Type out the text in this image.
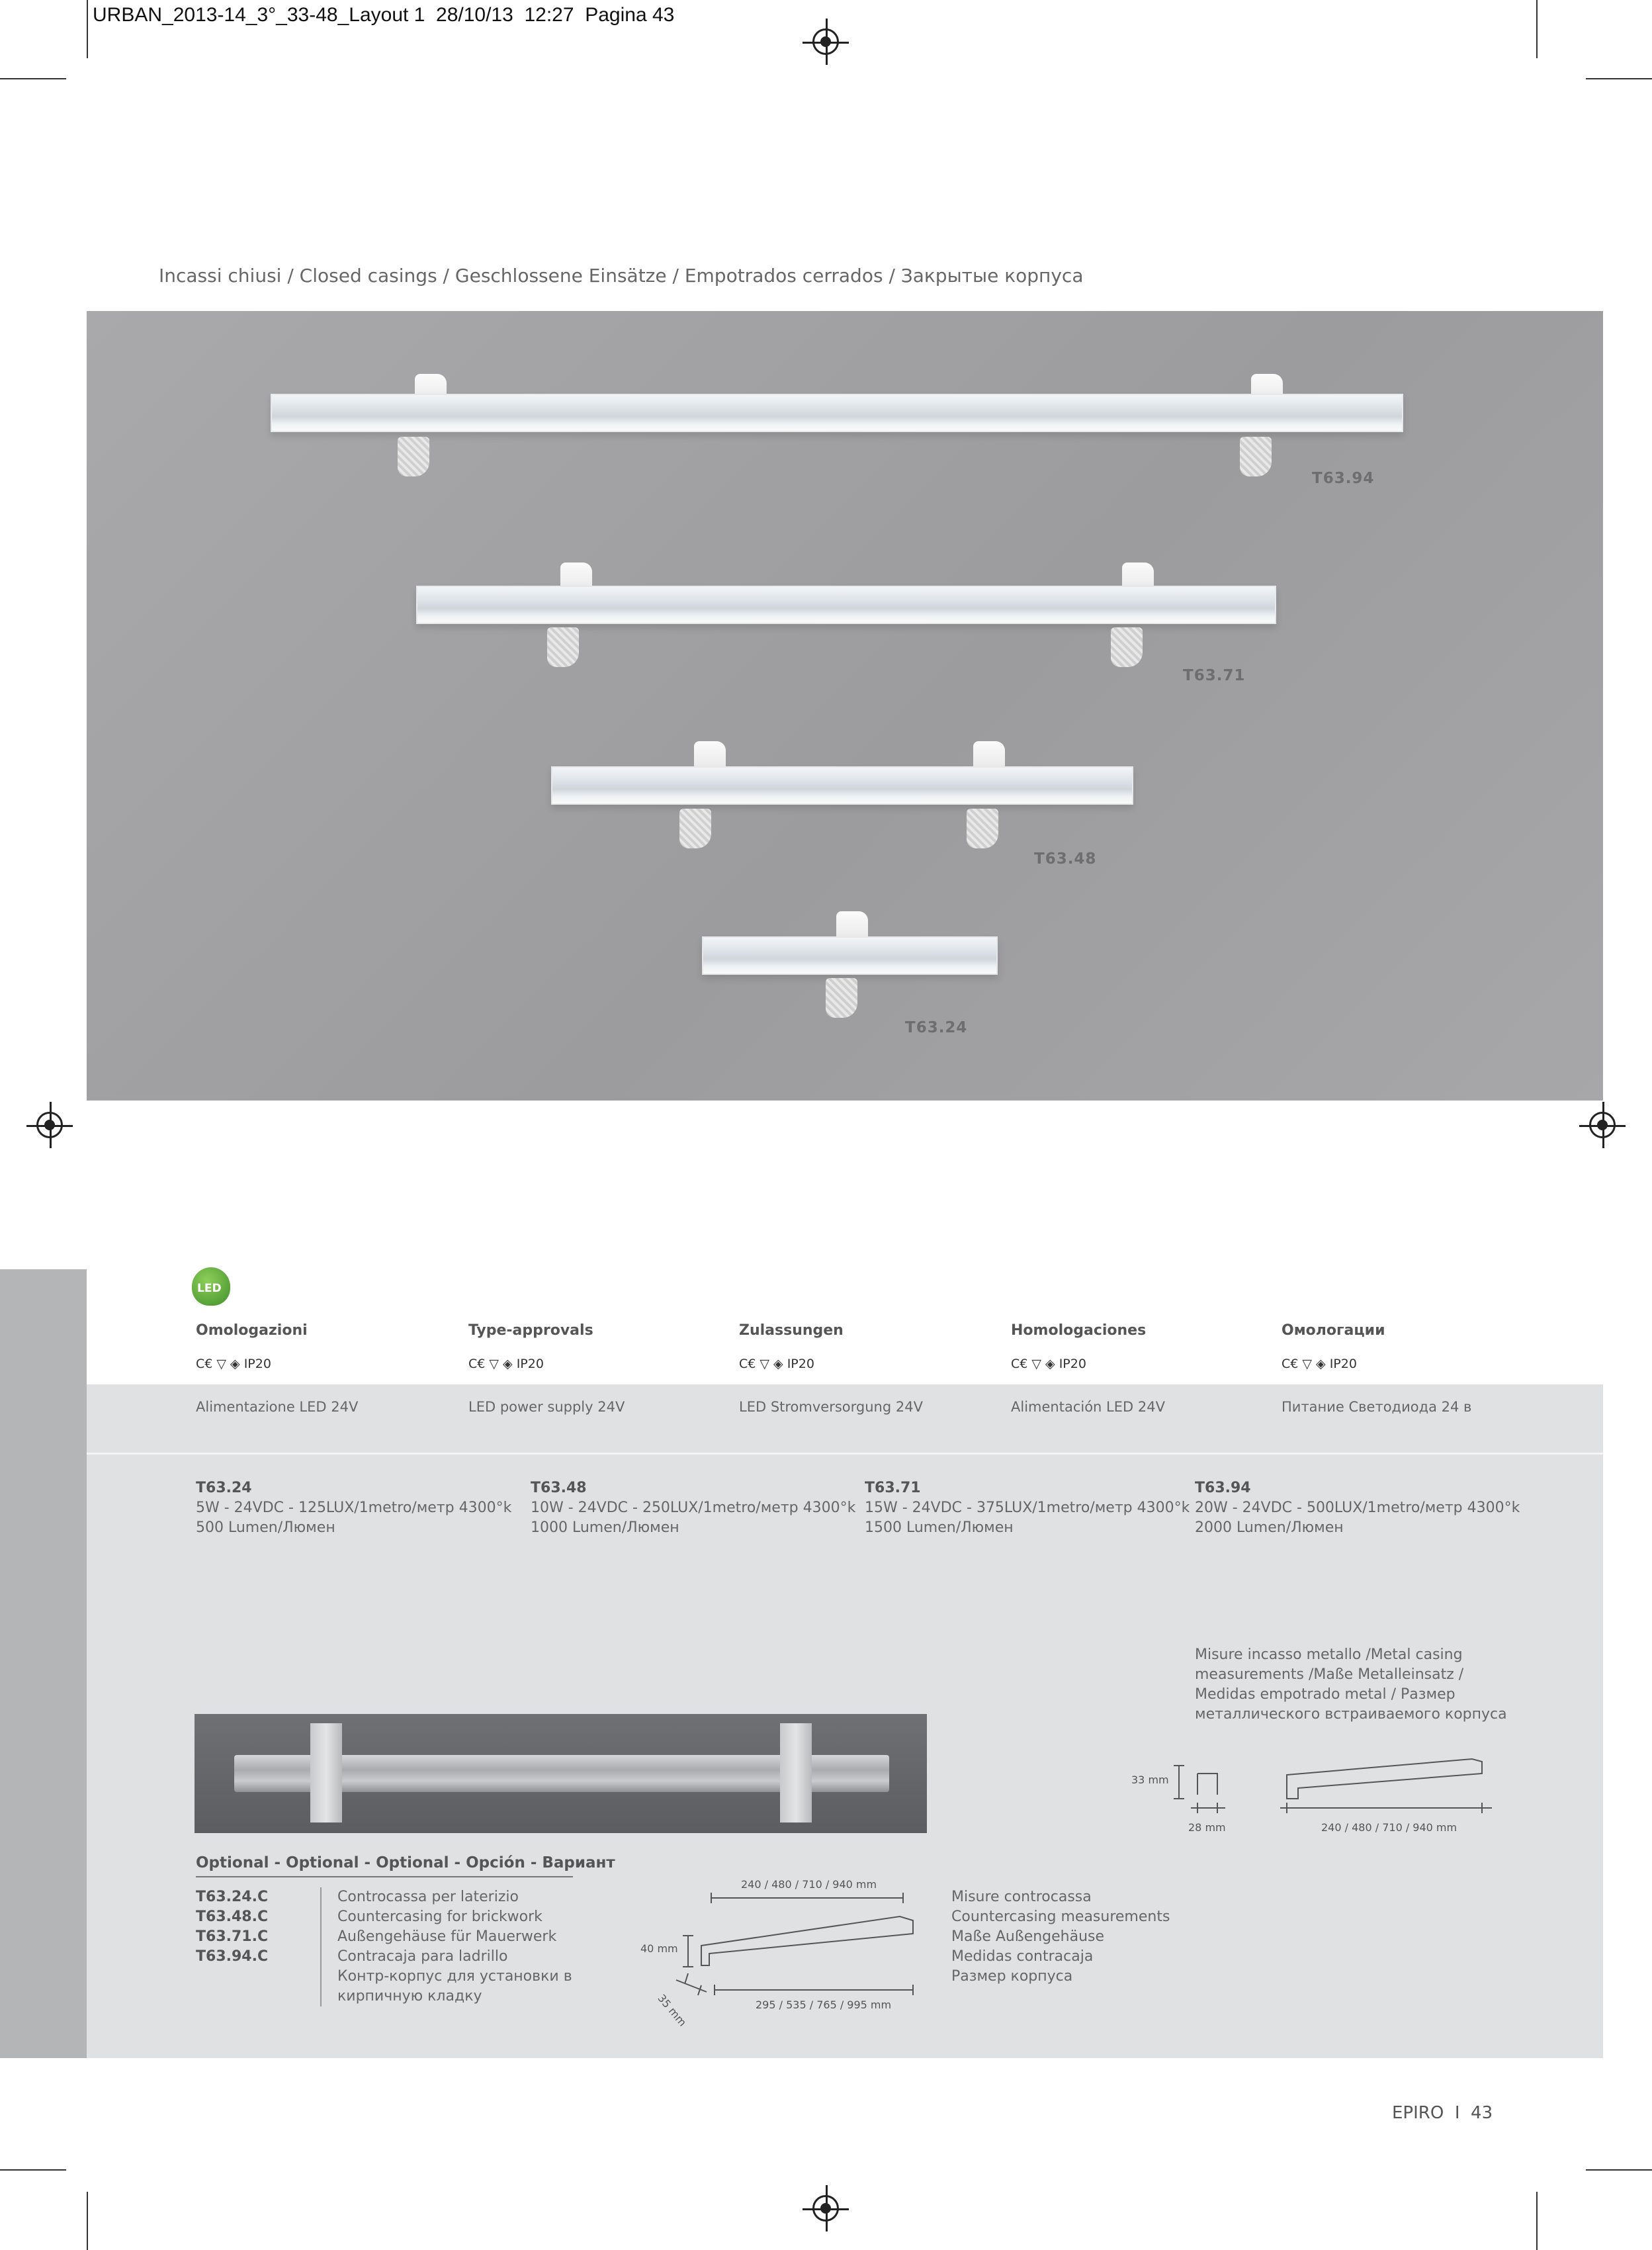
URBAN_2013-14_3°_33-48_Layout 1  28/10/13  12:27  Pagina 43
Incassi chiusi / Closed casings / Geschlossene Einsätze / Empotrados cerrados / Закрытые корпуса
T63.94
T63.71
T63.48
T63.24
LED
Omologazioni	Type-approvals	Zulassungen	Homologaciones	Омологации
C€ ▽ ◈ IP20	C€ ▽ ◈ IP20	C€ ▽ ◈ IP20	C€ ▽ ◈ IP20	C€ ▽ ◈ IP20
Alimentazione LED 24V	LED power supply 24V	LED Stromversorgung 24V	Alimentación LED 24V	Питание Светодиода 24 в
T63.24
5W - 24VDC - 125LUX/1metro/метр 4300°k
500 Lumen/Люмен
T63.48
10W - 24VDC - 250LUX/1metro/метр 4300°k
1000 Lumen/Люмен
T63.71
15W - 24VDC - 375LUX/1metro/метр 4300°k
1500 Lumen/Люмен
T63.94
20W - 24VDC - 500LUX/1metro/метр 4300°k
2000 Lumen/Люмен
Misure incasso metallo /Metal casing
measurements /Maße Metalleinsatz /
Medidas empotrado metal / Размер
металлического встраиваемого корпуса
33 mm
28 mm	240 / 480 / 710 / 940 mm
Optional - Optional - Optional - Opción - Вариант
T63.24.C
T63.48.C
T63.71.C
T63.94.C
Controcassa per laterizio
Countercasing for brickwork
Außengehäuse für Mauerwerk
Contracaja para ladrillo
Контр-корпус для установки в
кирпичную кладку
240 / 480 / 710 / 940 mm
40 mm
35 mm	295 / 535 / 765 / 995 mm
Misure controcassa
Countercasing measurements
Maße Außengehäuse
Medidas contracaja
Размер корпуса
EPIRO I 43
